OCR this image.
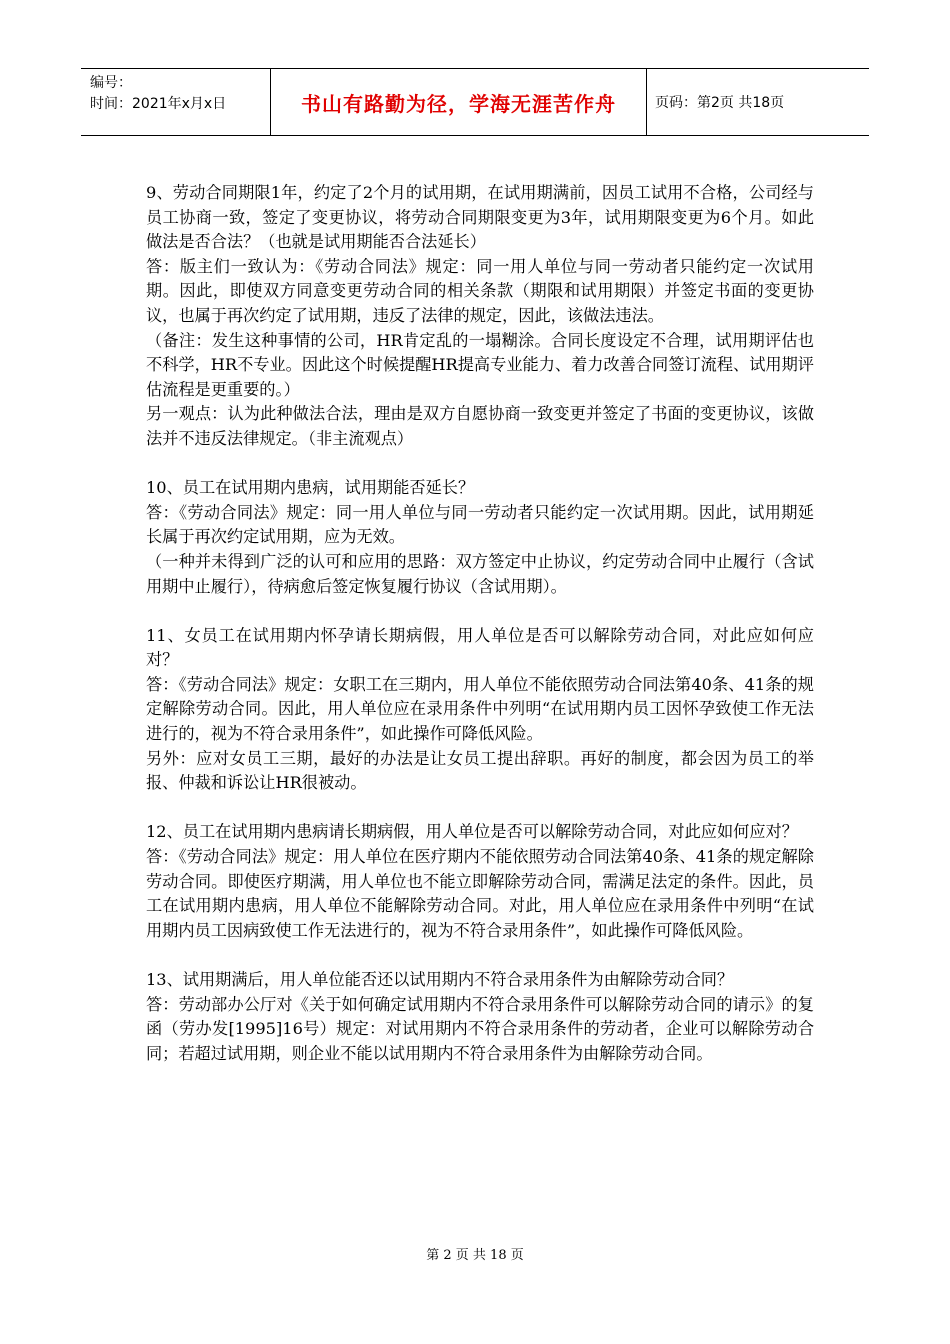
编号：
时间：2021年x月x日	书山有路勤为径，学海无涯苦作舟	页码：第2页 共18页

9、劳动合同期限1年，约定了2个月的试用期，在试用期满前，因员工试用不合格，公司经与员工协商一致，签定了变更协议，将劳动合同期限变更为3年，试用期限变更为6个月。如此做法是否合法？（也就是试用期能否合法延长）

答：版主们一致认为：《劳动合同法》规定：同一用人单位与同一劳动者只能约定一次试用期。因此，即使双方同意变更劳动合同的相关条款（期限和试用期限）并签定书面的变更协议，也属于再次约定了试用期，违反了法律的规定，因此，该做法违法。

（备注：发生这种事情的公司，HR肯定乱的一塌糊涂。合同长度设定不合理，试用期评估也不科学，HR不专业。因此这个时候提醒HR提高专业能力、着力改善合同签订流程、试用期评估流程是更重要的。）

另一观点：认为此种做法合法，理由是双方自愿协商一致变更并签定了书面的变更协议，该做法并不违反法律规定。（非主流观点）

10、员工在试用期内患病，试用期能否延长？

答：《劳动合同法》规定：同一用人单位与同一劳动者只能约定一次试用期。因此，试用期延长属于再次约定试用期，应为无效。

（一种并未得到广泛的认可和应用的思路：双方签定中止协议，约定劳动合同中止履行（含试用期中止履行），待病愈后签定恢复履行协议（含试用期）。

11、女员工在试用期内怀孕请长期病假，用人单位是否可以解除劳动合同，对此应如何应对？

答：《劳动合同法》规定：女职工在三期内，用人单位不能依照劳动合同法第40条、41条的规定解除劳动合同。因此，用人单位应在录用条件中列明“在试用期内员工因怀孕致使工作无法进行的，视为不符合录用条件”，如此操作可降低风险。

另外：应对女员工三期，最好的办法是让女员工提出辞职。再好的制度，都会因为员工的举报、仲裁和诉讼让HR很被动。

12、员工在试用期内患病请长期病假，用人单位是否可以解除劳动合同，对此应如何应对？

答：《劳动合同法》规定：用人单位在医疗期内不能依照劳动合同法第40条、41条的规定解除劳动合同。即使医疗期满，用人单位也不能立即解除劳动合同，需满足法定的条件。因此，员工在试用期内患病，用人单位不能解除劳动合同。对此，用人单位应在录用条件中列明“在试用期内员工因病致使工作无法进行的，视为不符合录用条件”，如此操作可降低风险。

13、试用期满后，用人单位能否还以试用期内不符合录用条件为由解除劳动合同？

答：劳动部办公厅对《关于如何确定试用期内不符合录用条件可以解除劳动合同的请示》的复函（劳办发[1995]16号）规定：对试用期内不符合录用条件的劳动者，企业可以解除劳动合同；若超过试用期，则企业不能以试用期内不符合录用条件为由解除劳动合同。

第 2 页 共 18 页
